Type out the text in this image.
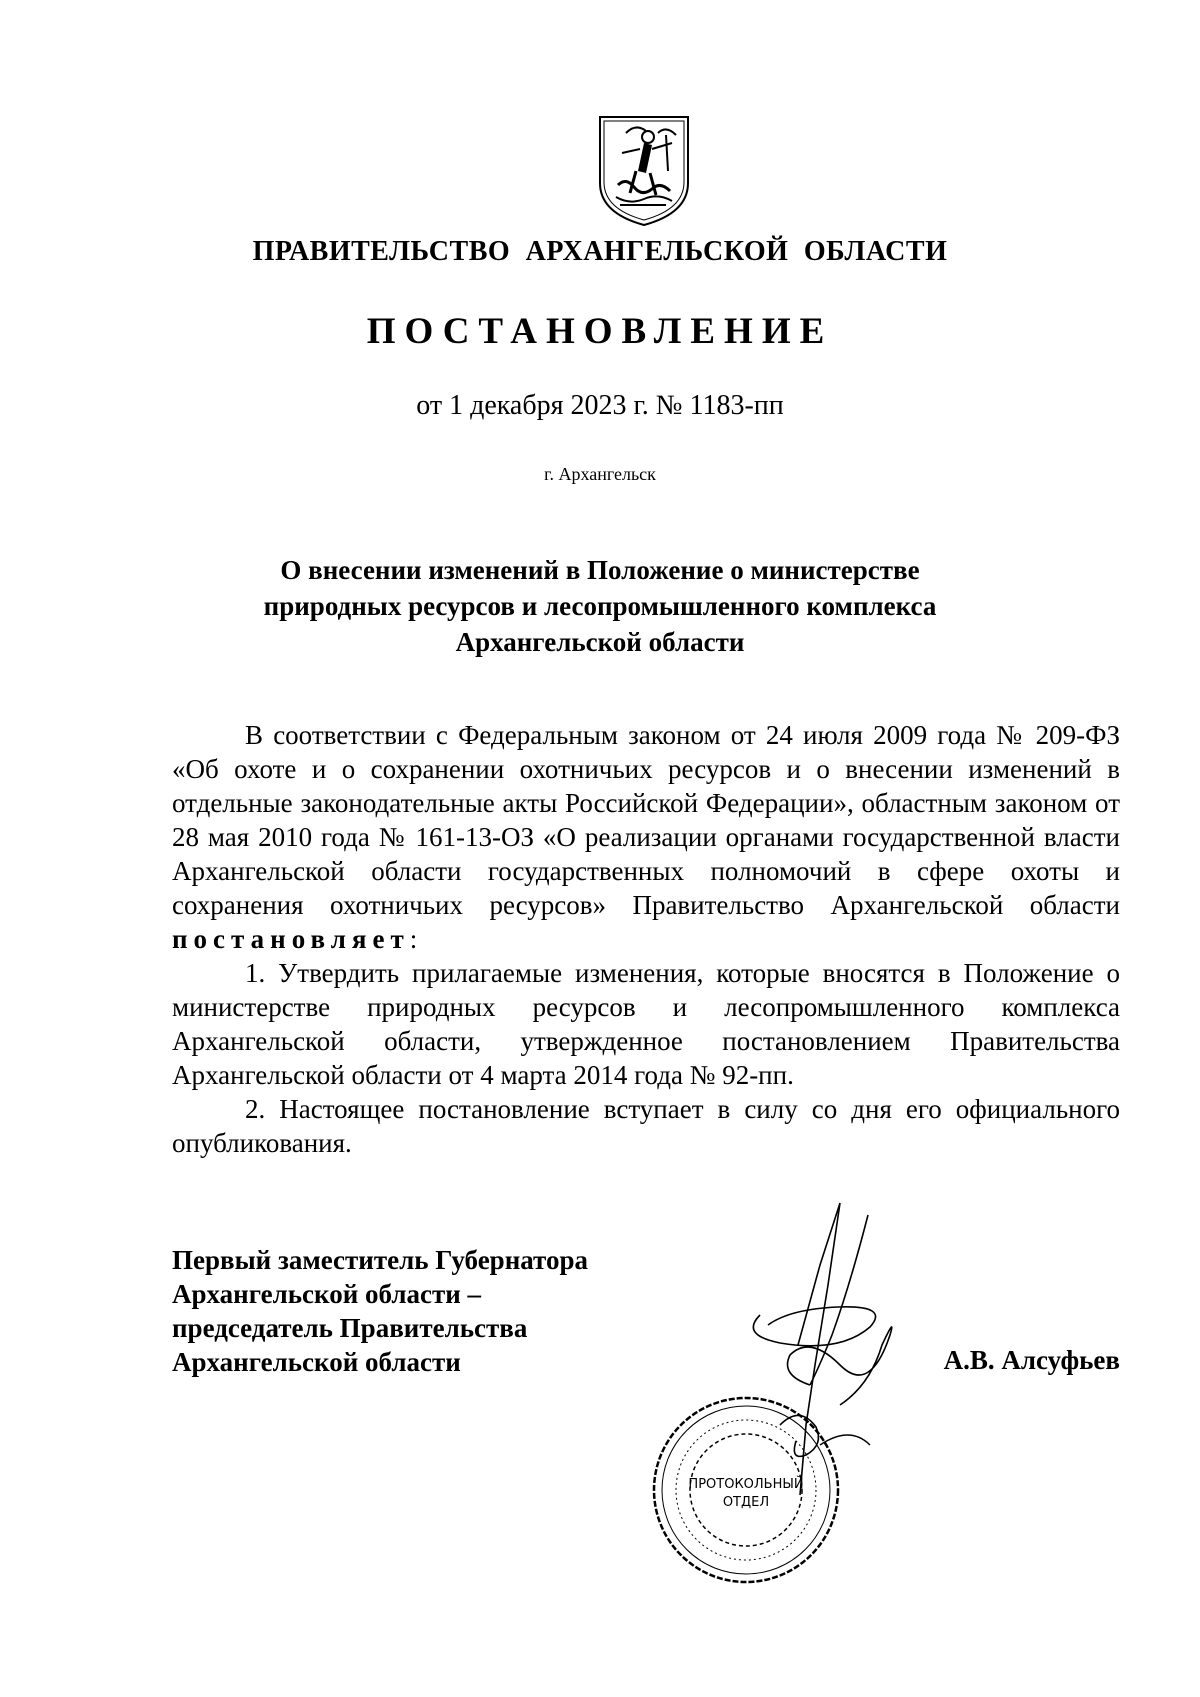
ПРАВИТЕЛЬСТВО АРХАНГЕЛЬСКОЙ ОБЛАСТИ
ПОСТАНОВЛЕНИЕ
от 1 декабря 2023 г. № 1183-пп
г. Архангельск
О внесении изменений в Положение о министерстве
природных ресурсов и лесопромышленного комплекса
Архангельской области

В соответствии с Федеральным законом от 24 июля 2009 года № 209-ФЗ «Об охоте и о сохранении охотничьих ресурсов и о внесении изменений в отдельные законодательные акты Российской Федерации», областным законом от 28 мая 2010 года № 161-13-ОЗ «О реализации органами государственной власти Архангельской области государственных полномочий в сфере охоты и сохранения охотничьих ресурсов» Правительство Архангельской области постановляет:

1. Утвердить прилагаемые изменения, которые вносятся в Положение о министерстве природных ресурсов и лесопромышленного комплекса Архангельской области, утвержденное постановлением Правительства Архангельской области от 4 марта 2014 года № 92-пп.

2. Настоящее постановление вступает в силу со дня его официального опубликования.

Первый заместитель Губернатора
Архангельской области –
председатель Правительства
Архангельской области	А.В. Алсуфьев
ПРОТОКОЛЬНЫЙ
ОТДЕЛ
